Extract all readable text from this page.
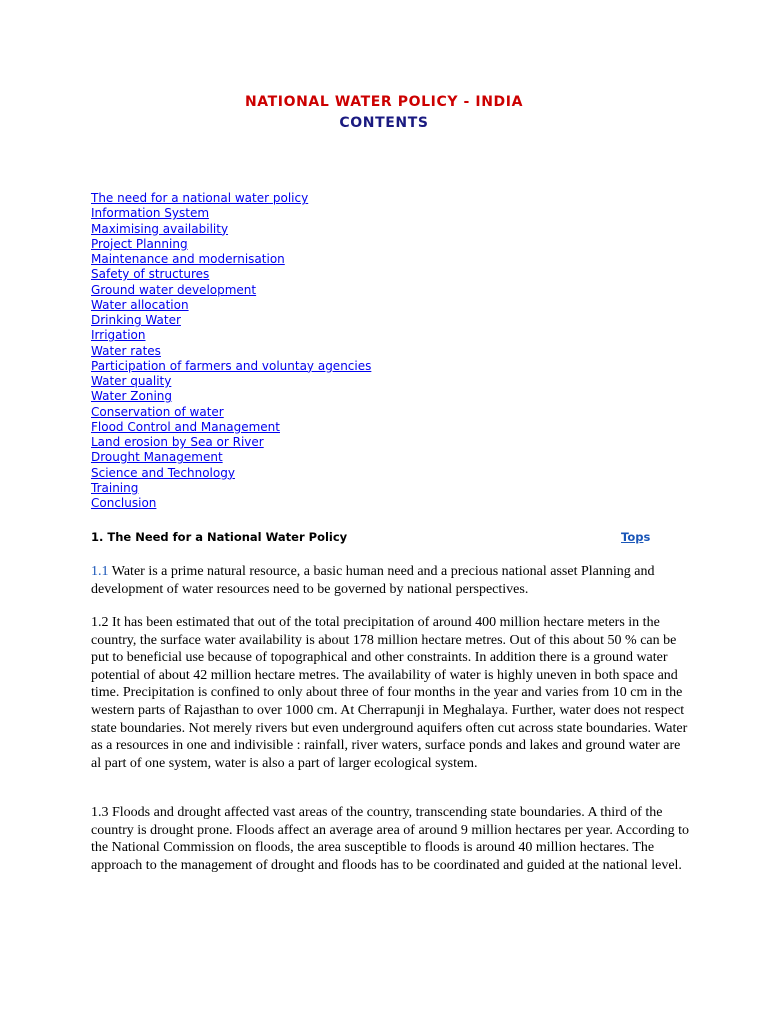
NATIONAL WATER POLICY - INDIA
CONTENTS
The need for a national water policy
Information System
Maximising availability
Project Planning
Maintenance and modernisation
Safety of structures
Ground water development
Water allocation
Drinking Water
Irrigation
Water rates
Participation of farmers and voluntay agencies
Water quality
Water Zoning
Conservation of water
Flood Control and Management
Land erosion by Sea or River
Drought Management
Science and Technology
Training
Conclusion
1. The Need for a National Water Policy	Tops

1.1 Water is a prime natural resource, a basic human need and a precious national asset Planning and development of water resources need to be governed by national perspectives.

1.2 It has been estimated that out of the total precipitation of around 400 million hectare meters in the country, the surface water availability is about 178 million hectare metres. Out of this about 50 % can be put to beneficial use because of topographical and other constraints. In addition there is a ground water potential of about 42 million hectare metres. The availability of water is highly uneven in both space and time. Precipitation is confined to only about three of four months in the year and varies from 10 cm in the western parts of Rajasthan to over 1000 cm. At Cherrapunji in Meghalaya. Further, water does not respect state boundaries. Not merely rivers but even underground aquifers often cut across state boundaries. Water as a resources in one and indivisible : rainfall, river waters, surface ponds and lakes and ground water are al part of one system, water is also a part of larger ecological system.

1.3 Floods and drought affected vast areas of the country, transcending state boundaries. A third of the country is drought prone. Floods affect an average area of around 9 million hectares per year. According to the National Commission on floods, the area susceptible to floods is around 40 million hectares. The approach to the management of drought and floods has to be coordinated and guided at the national level.
